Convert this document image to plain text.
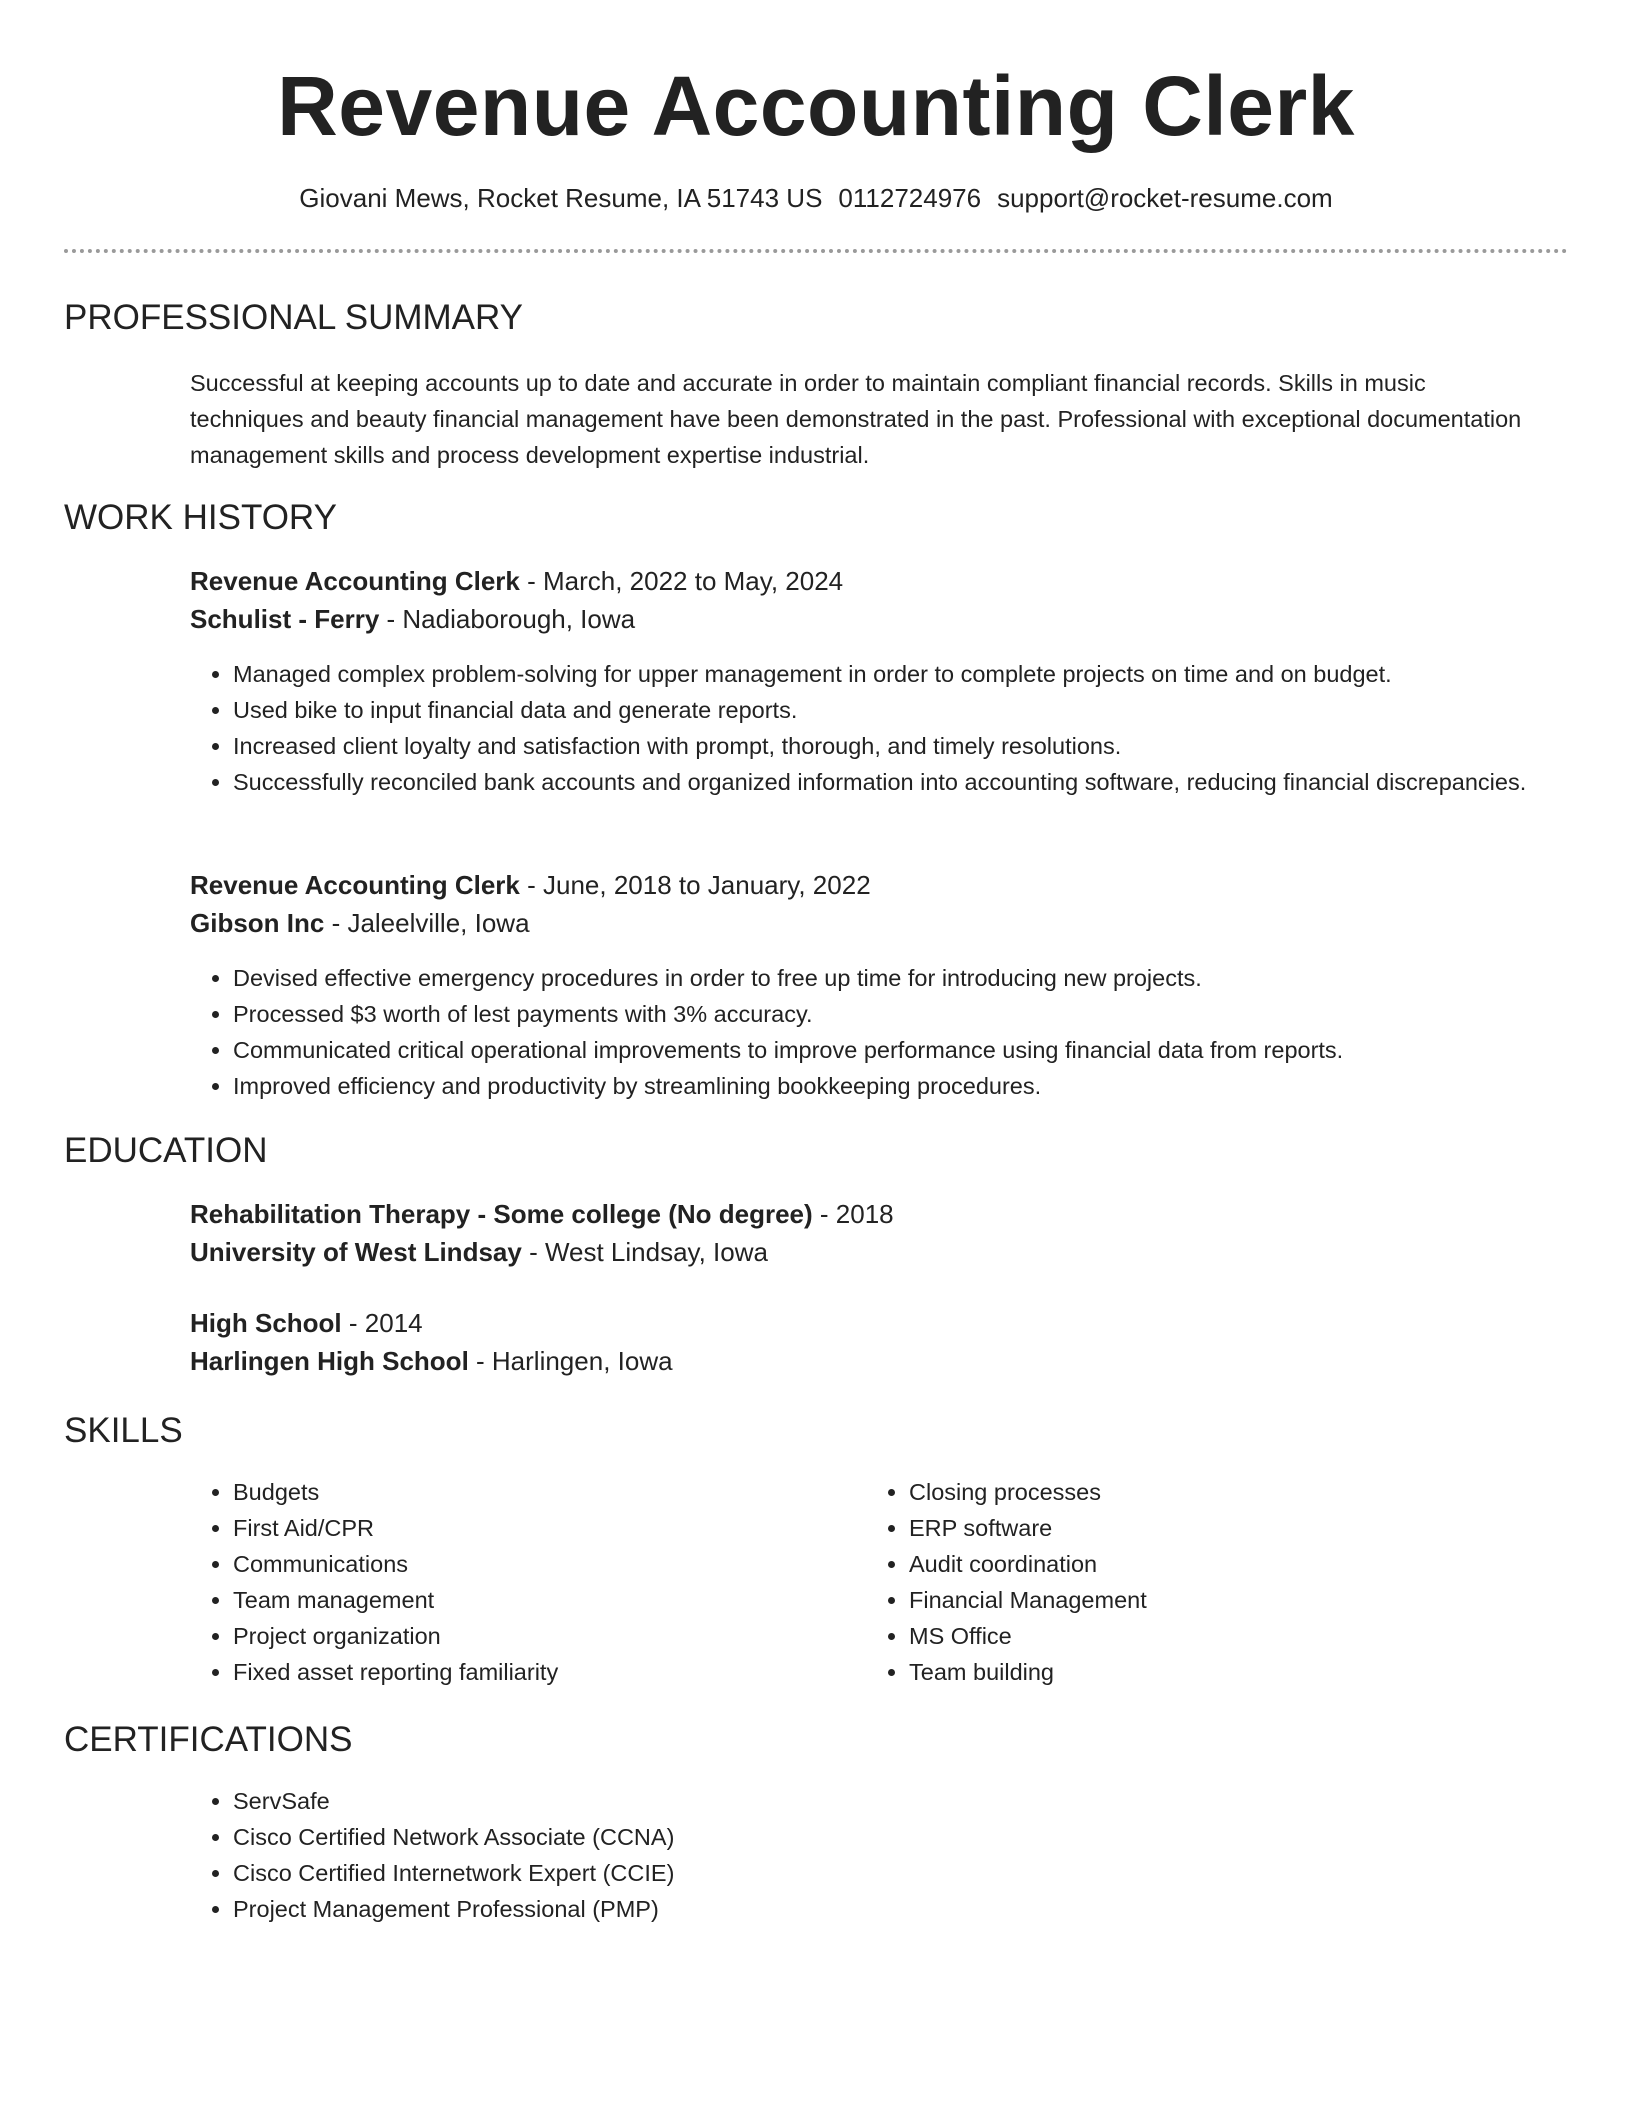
Revenue Accounting Clerk
Giovani Mews, Rocket Resume, IA 51743 US 0112724976 support@rocket-resume.com
PROFESSIONAL SUMMARY
Successful at keeping accounts up to date and accurate in order to maintain compliant financial records. Skills in music techniques and beauty financial management have been demonstrated in the past. Professional with exceptional documentation management skills and process development expertise industrial.
WORK HISTORY
Revenue Accounting Clerk - March, 2022 to May, 2024
Schulist - Ferry - Nadiaborough, Iowa
• Managed complex problem-solving for upper management in order to complete projects on time and on budget.
• Used bike to input financial data and generate reports.
• Increased client loyalty and satisfaction with prompt, thorough, and timely resolutions.
• Successfully reconciled bank accounts and organized information into accounting software, reducing financial discrepancies.
Revenue Accounting Clerk - June, 2018 to January, 2022
Gibson Inc - Jaleelville, Iowa
• Devised effective emergency procedures in order to free up time for introducing new projects.
• Processed $3 worth of lest payments with 3% accuracy.
• Communicated critical operational improvements to improve performance using financial data from reports.
• Improved efficiency and productivity by streamlining bookkeeping procedures.
EDUCATION
Rehabilitation Therapy - Some college (No degree) - 2018
University of West Lindsay - West Lindsay, Iowa
High School - 2014
Harlingen High School - Harlingen, Iowa
SKILLS
• Budgets
• First Aid/CPR
• Communications
• Team management
• Project organization
• Fixed asset reporting familiarity
• Closing processes
• ERP software
• Audit coordination
• Financial Management
• MS Office
• Team building
CERTIFICATIONS
• ServSafe
• Cisco Certified Network Associate (CCNA)
• Cisco Certified Internetwork Expert (CCIE)
• Project Management Professional (PMP)
